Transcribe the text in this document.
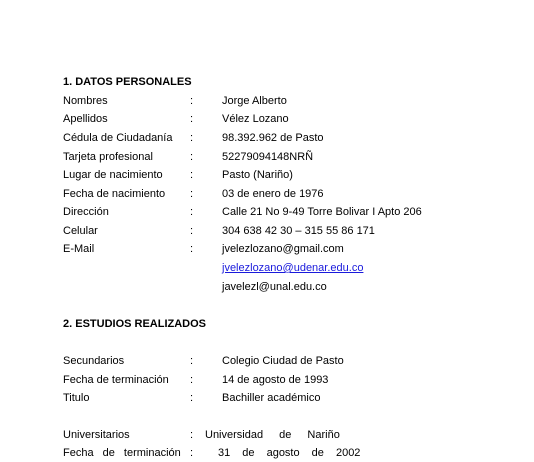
1. DATOS PERSONALES
Nombres	:	Jorge Alberto
Apellidos	:	Vélez Lozano
Cédula de Ciudadanía :	98.392.962 de Pasto
Tarjeta profesional	:	52279094148NRÑ
Lugar de nacimiento :	Pasto (Nariño)
Fecha de nacimiento :	03 de enero de 1976
Dirección	:	Calle 21 No 9-49 Torre Bolivar I Apto 206
Celular	:	304 638 42 30 – 315 55 86 171
E-Mail	:	jvelezlozano@gmail.com
jvelezlozano@udenar.edu.co
javelezl@unal.edu.co
2. ESTUDIOS REALIZADOS
Secundarios	:	Colegio Ciudad de Pasto
Fecha de terminación :	14 de agosto de 1993
Titulo	:	Bachiller académico
Universitarios	: Universidad de Nariño
Fecha de terminación : 31 de agosto de 2002
